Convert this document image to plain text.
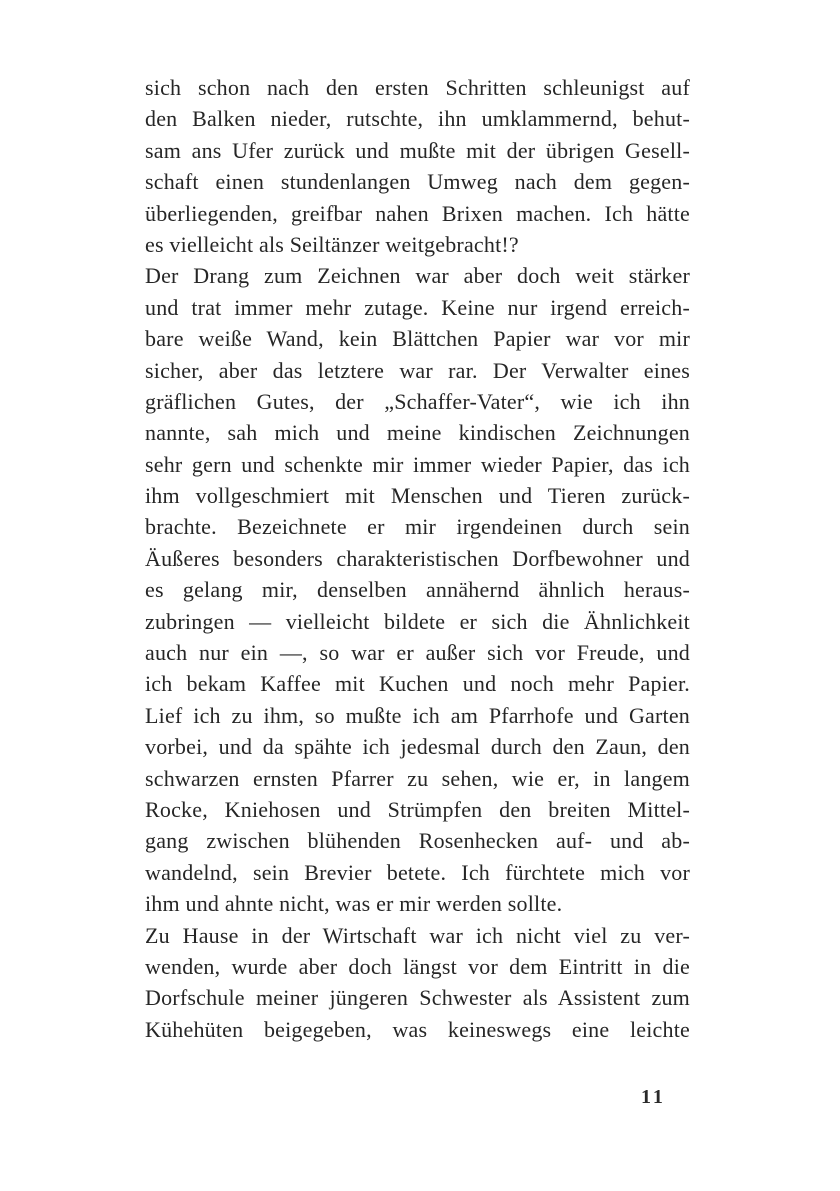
sich schon nach den ersten Schritten schleunigst auf
den Balken nieder, rutschte, ihn umklammernd, behut-
sam ans Ufer zurück und mußte mit der übrigen Gesell-
schaft einen stundenlangen Umweg nach dem gegen-
überliegenden, greifbar nahen Brixen machen. Ich hätte
es vielleicht als Seiltänzer weitgebracht!?
Der Drang zum Zeichnen war aber doch weit stärker
und trat immer mehr zutage. Keine nur irgend erreich-
bare weiße Wand, kein Blättchen Papier war vor mir
sicher, aber das letztere war rar. Der Verwalter eines
gräflichen Gutes, der „Schaffer-Vater“, wie ich ihn
nannte, sah mich und meine kindischen Zeichnungen
sehr gern und schenkte mir immer wieder Papier, das ich
ihm vollgeschmiert mit Menschen und Tieren zurück-
brachte. Bezeichnete er mir irgendeinen durch sein
Äußeres besonders charakteristischen Dorfbewohner und
es gelang mir, denselben annähernd ähnlich heraus-
zubringen — vielleicht bildete er sich die Ähnlichkeit
auch nur ein —, so war er außer sich vor Freude, und
ich bekam Kaffee mit Kuchen und noch mehr Papier.
Lief ich zu ihm, so mußte ich am Pfarrhofe und Garten
vorbei, und da spähte ich jedesmal durch den Zaun, den
schwarzen ernsten Pfarrer zu sehen, wie er, in langem
Rocke, Kniehosen und Strümpfen den breiten Mittel-
gang zwischen blühenden Rosenhecken auf- und ab-
wandelnd, sein Brevier betete. Ich fürchtete mich vor
ihm und ahnte nicht, was er mir werden sollte.
Zu Hause in der Wirtschaft war ich nicht viel zu ver-
wenden, wurde aber doch längst vor dem Eintritt in die
Dorfschule meiner jüngeren Schwester als Assistent zum
Kühehüten beigegeben, was keineswegs eine leichte
11
